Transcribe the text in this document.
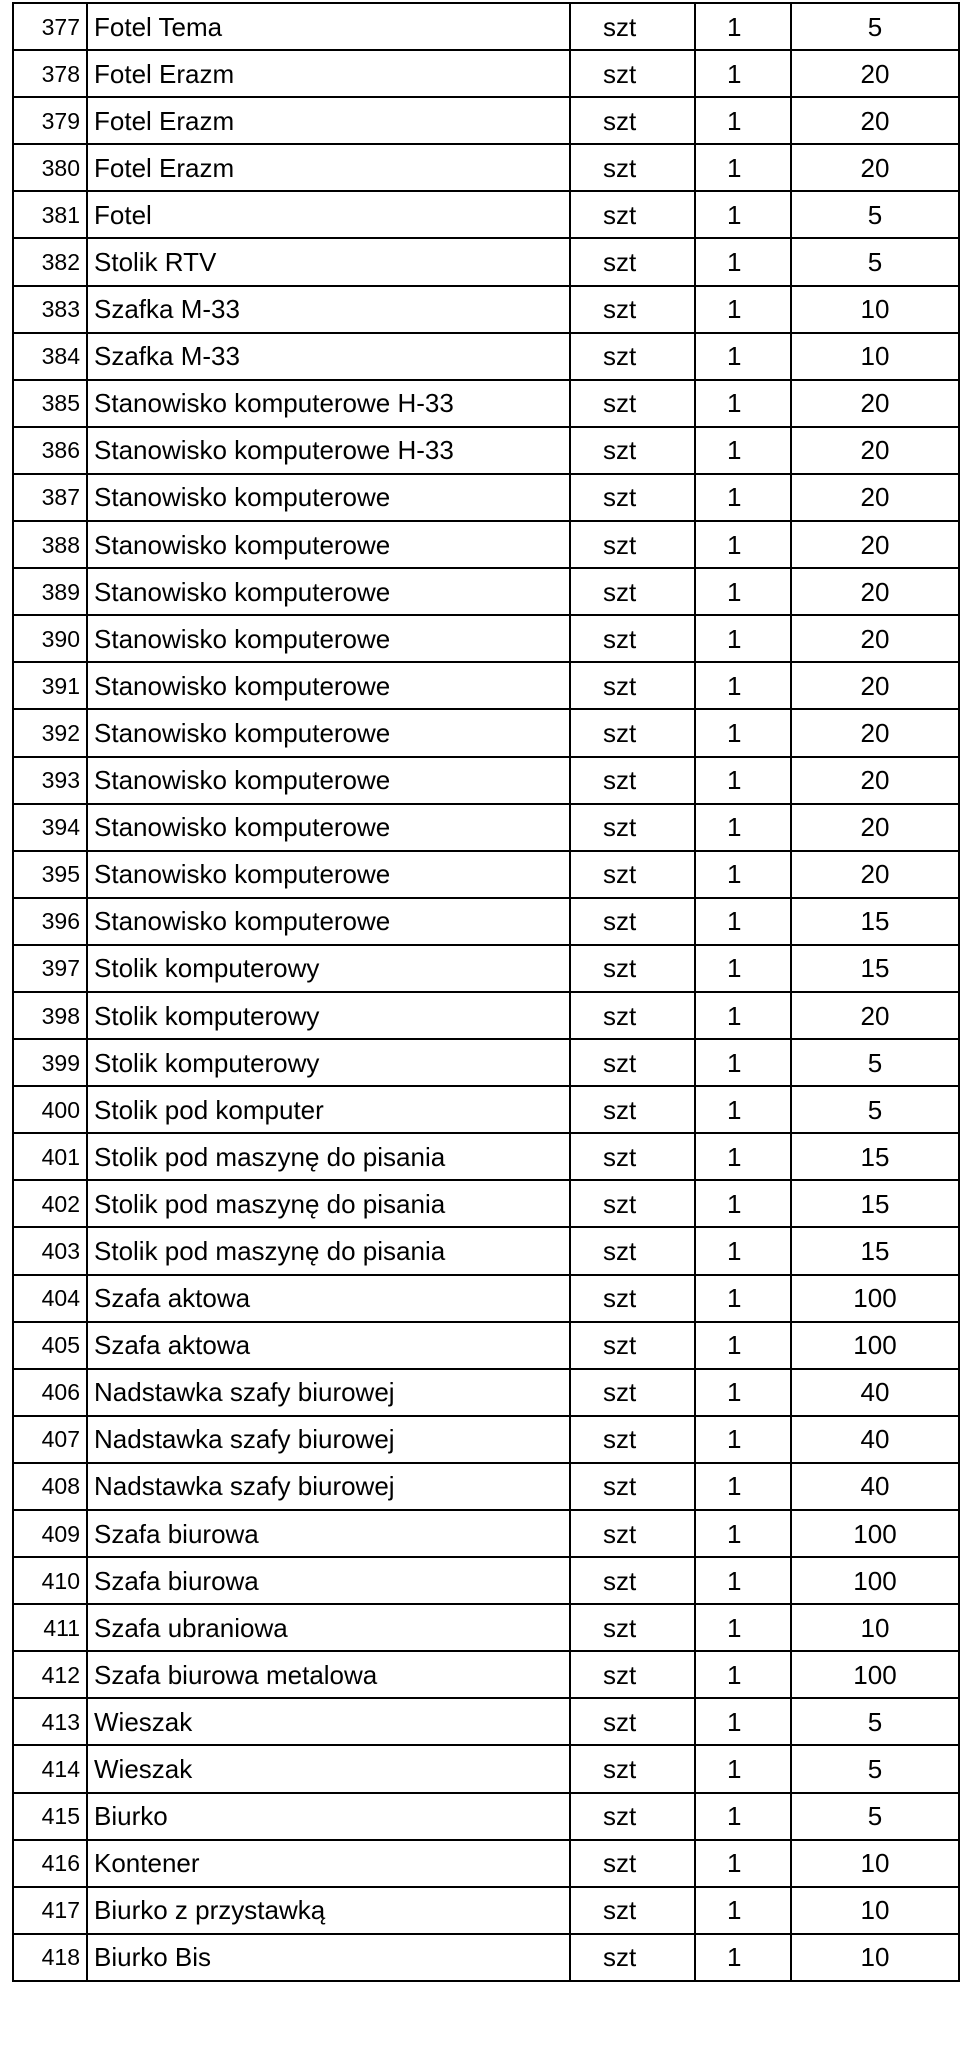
377	Fotel Tema	szt	1	5
378	Fotel Erazm	szt	1	20
379	Fotel Erazm	szt	1	20
380	Fotel Erazm	szt	1	20
381	Fotel	szt	1	5
382	Stolik RTV	szt	1	5
383	Szafka M-33	szt	1	10
384	Szafka M-33	szt	1	10
385	Stanowisko komputerowe H-33	szt	1	20
386	Stanowisko komputerowe H-33	szt	1	20
387	Stanowisko komputerowe	szt	1	20
388	Stanowisko komputerowe	szt	1	20
389	Stanowisko komputerowe	szt	1	20
390	Stanowisko komputerowe	szt	1	20
391	Stanowisko komputerowe	szt	1	20
392	Stanowisko komputerowe	szt	1	20
393	Stanowisko komputerowe	szt	1	20
394	Stanowisko komputerowe	szt	1	20
395	Stanowisko komputerowe	szt	1	20
396	Stanowisko komputerowe	szt	1	15
397	Stolik komputerowy	szt	1	15
398	Stolik komputerowy	szt	1	20
399	Stolik komputerowy	szt	1	5
400	Stolik pod komputer	szt	1	5
401	Stolik pod maszynę do pisania	szt	1	15
402	Stolik pod maszynę do pisania	szt	1	15
403	Stolik pod maszynę do pisania	szt	1	15
404	Szafa aktowa	szt	1	100
405	Szafa aktowa	szt	1	100
406	Nadstawka szafy biurowej	szt	1	40
407	Nadstawka szafy biurowej	szt	1	40
408	Nadstawka szafy biurowej	szt	1	40
409	Szafa biurowa	szt	1	100
410	Szafa biurowa	szt	1	100
411	Szafa ubraniowa	szt	1	10
412	Szafa biurowa metalowa	szt	1	100
413	Wieszak	szt	1	5
414	Wieszak	szt	1	5
415	Biurko	szt	1	5
416	Kontener	szt	1	10
417	Biurko z przystawką	szt	1	10
418	Biurko Bis	szt	1	10
